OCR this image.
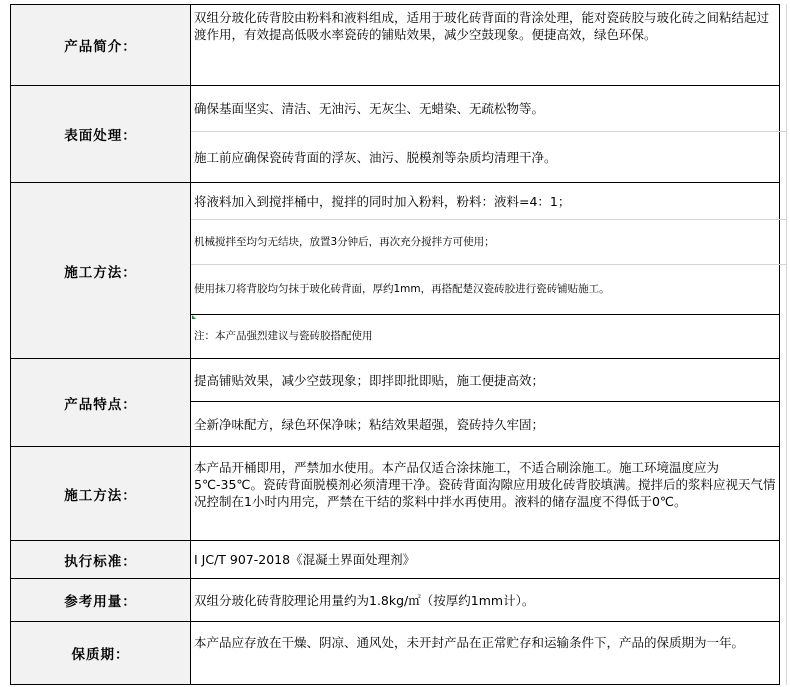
产品简介：
表面处理：
施工方法：
产品特点：
施工方法：
执行标准：
参考用量：
保质期：
双组分玻化砖背胶由粉料和液料组成，适用于玻化砖背面的背涂处理，能对瓷砖胶与玻化砖之间粘结起过渡作用，有效提高低吸水率瓷砖的铺贴效果，减少空鼓现象。便捷高效，绿色环保。
确保基面坚实、清洁、无油污、无灰尘、无蜡染、无疏松物等。
施工前应确保瓷砖背面的浮灰、油污、脱模剂等杂质均清理干净。
将液料加入到搅拌桶中，搅拌的同时加入粉料，粉料：液料=4：1；
机械搅拌至均匀无结块，放置3分钟后，再次充分搅拌方可使用；
使用抹刀将背胶均匀抹于玻化砖背面，厚约1mm，再搭配楚汉瓷砖胶进行瓷砖铺贴施工。
注：本产品强烈建议与瓷砖胶搭配使用
提高铺贴效果，减少空鼓现象；即拌即批即贴，施工便捷高效；
全新净味配方，绿色环保净味；粘结效果超强，瓷砖持久牢固；
本产品开桶即用，严禁加水使用。本产品仅适合涂抹施工，不适合刷涂施工。施工环境温度应为5℃-35℃。瓷砖背面脱模剂必须清理干净。瓷砖背面沟隙应用玻化砖背胶填满。搅拌后的浆料应视天气情况控制在1小时内用完，严禁在干结的浆料中拌水再使用。液料的储存温度不得低于0℃。
I JC/T 907-2018《混凝土界面处理剂》
双组分玻化砖背胶理论用量约为1.8kg/㎡（按厚约1mm计）。
本产品应存放在干燥、阴凉、通风处，未开封产品在正常贮存和运输条件下，产品的保质期为一年。
